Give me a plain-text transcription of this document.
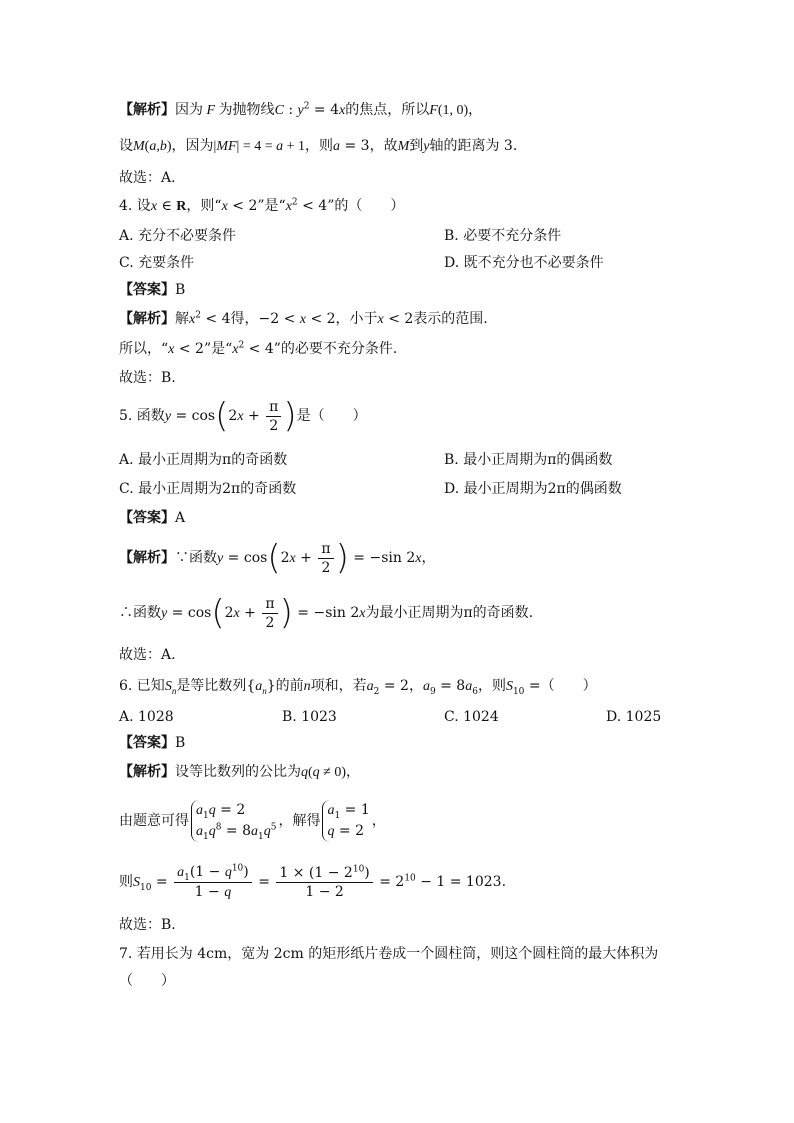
【解析】因为 F 为抛物线C : $y^2 = 4x$的焦点，所以F(1, 0)，
设M(a,b)，因为|MF| = 4 = a + 1，则a = 3，故M到y轴的距离为 3.
故选：A．
4. 设x ∈ R，则“x < 2”是“$x^2 < 4$”的（　　）
A. 充分不必要条件	B. 必要不充分条件
C. 充要条件	D. 既不充分也不必要条件
【答案】B
【解析】解$x^2 < 4$得，−2 < x < 2，小于x < 2表示的范围.
所以，“x < 2”是“$x^2 < 4$”的必要不充分条件.
故选：B.
5. 函数$y = \cos(2x + \frac{\pi}{2}$ )是（　　）
A. 最小正周期为π的奇函数	B. 最小正周期为π的偶函数
C. 最小正周期为2π的奇函数	D. 最小正周期为2π的偶函数
【答案】A
【解析】∵函数$y = \cos(2x + \frac{\pi}{2}$ ) = −sin 2x，
∴函数$y = \cos(2x + \frac{\pi}{2}$ ) = −sin 2x为最小正周期为π的奇函数.
故选：A.
6. 已知$S_n$是等比数列$\{a_n\}$的前n项和，若$a_2 = 2$，$a_9 = 8a_6$，则$S_{10}$ =（　　）
A. 1028	B. 1023	C. 1024	D. 1025
【答案】B
【解析】设等比数列的公比为q(q ≠ 0)，
由题意可得$a_1q = 2$
$a_1q^8 = 8a_1q^5$ ，解得$a_1 = 1$
q = 2，
则$S_{10} = \frac{a_1(1 - q^{10})}{1 - q} = \frac{1 \times (1 - 2^{10})}{1 - 2} = 2^{10} - 1 = 1023$.
故选：B.
7. 若用长为 4cm，宽为 2cm 的矩形纸片卷成一个圆柱筒，则这个圆柱筒的最大体积为
（　　）
